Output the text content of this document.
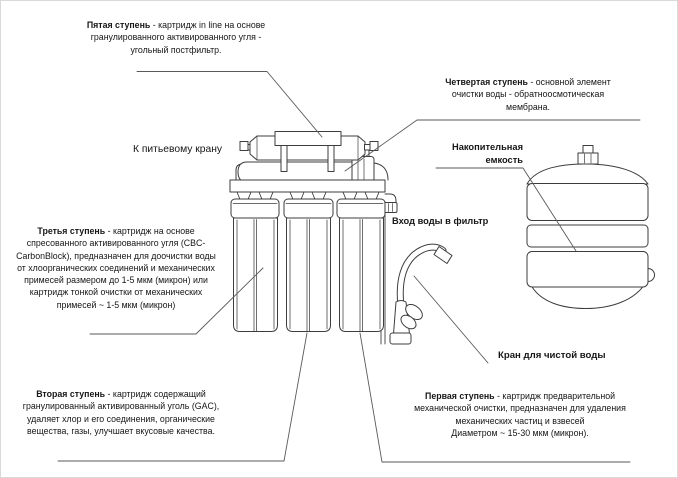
Пятая ступень - картридж in line на основе

гранулированного активированного угля -

угольный постфильтр.

Четвертая ступень - основной элемент

очистки воды - обратноосмотическая

мембрана.

Накопительная

емкость

К питьевому крану
Вход воды в фильтр

Третья ступень - картридж на основе

спресованного активированного угля (CBC-

CarbonBlock), предназначен для доочистки воды

от хлоорганических соединений и механических

примесей размером до 1-5 мкм (микрон) или

картридж тонкой очистки от механических

примесей ~ 1-5 мкм (микрон)

Кран для чистой воды

Вторая ступень - картридж содержащий

гранулированный активированный уголь (GAC),

удаляет хлор и его соединения, органические

вещества, газы, улучшает вкусовые качества.

Первая ступень - картридж предварительной

механической очистки, предназначен для удаления

механических частиц и взвесей

Диаметром ~ 15-30 мкм (микрон).
